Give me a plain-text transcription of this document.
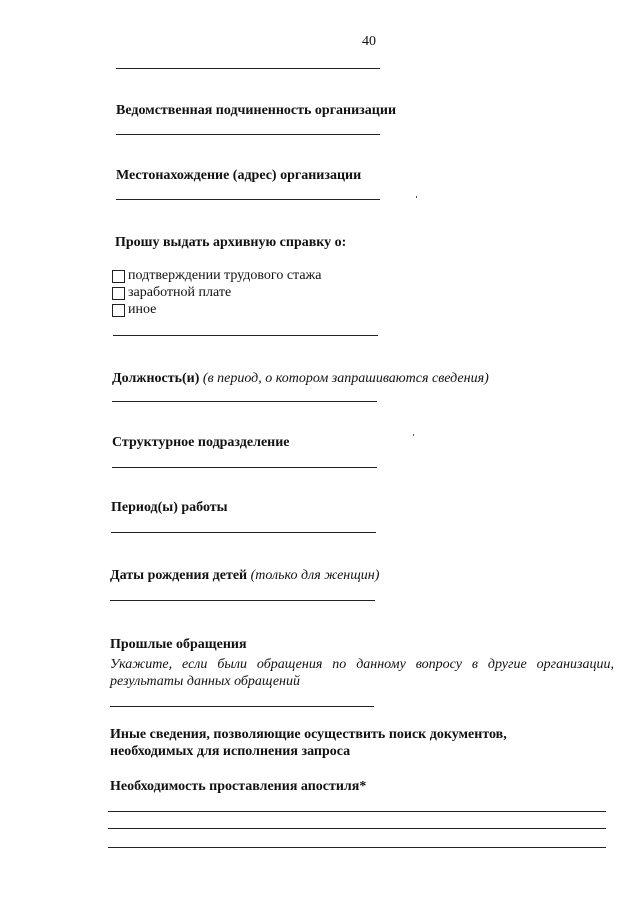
40
Ведомственная подчиненность организации
Местонахождение (адрес) организации
Прошу выдать архивную справку о:
подтверждении трудового стажа
заработной плате
иное
Должность(и) (в период, о котором запрашиваются сведения)
Структурное подразделение
Период(ы) работы
Даты рождения детей (только для женщин)
Прошлые обращения
Укажите, если были обращения по данному вопросу в другие организации,
результаты данных обращений
Иные сведения, позволяющие осуществить поиск документов,
необходимых для исполнения запроса
Необходимость проставления апостиля*
